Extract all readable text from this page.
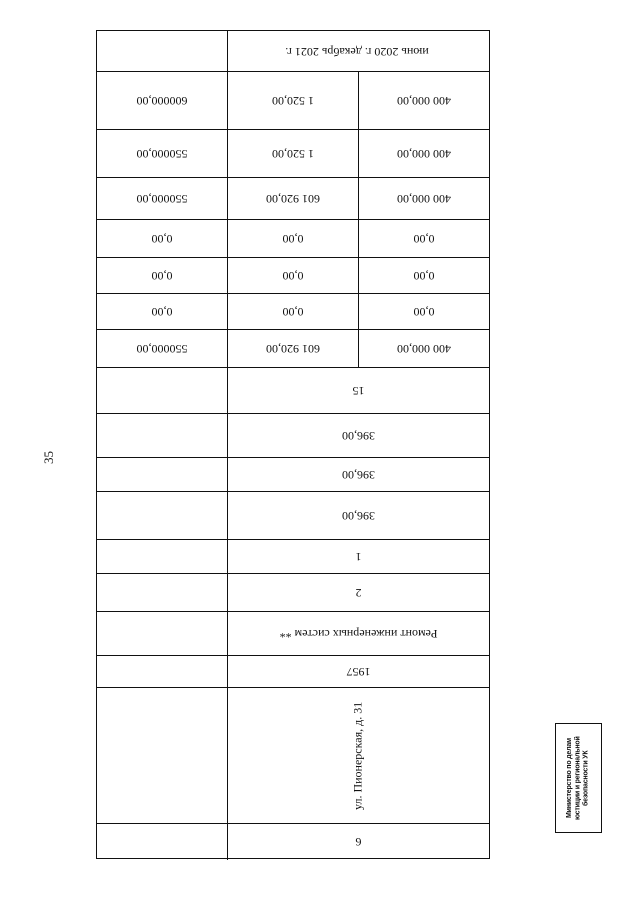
35
июнь 2020 г. декабрь 2021 г.
400 000,00
1 520,00
600000,00
400 000,00
1 520,00
550000,00
400 000,00
601 920,00
550000,00
0,00
0,00
0,00
0,00
0,00
0,00
0,00
0,00
0,00
400 000,00
601 920,00
550000,00
15
396,00
396,00
396,00
1
2
Ремонт инженерных систем **
1957
ул. Пионерская, д. 31
6
Министерство по делам юстиции и региональной безопасности УК
